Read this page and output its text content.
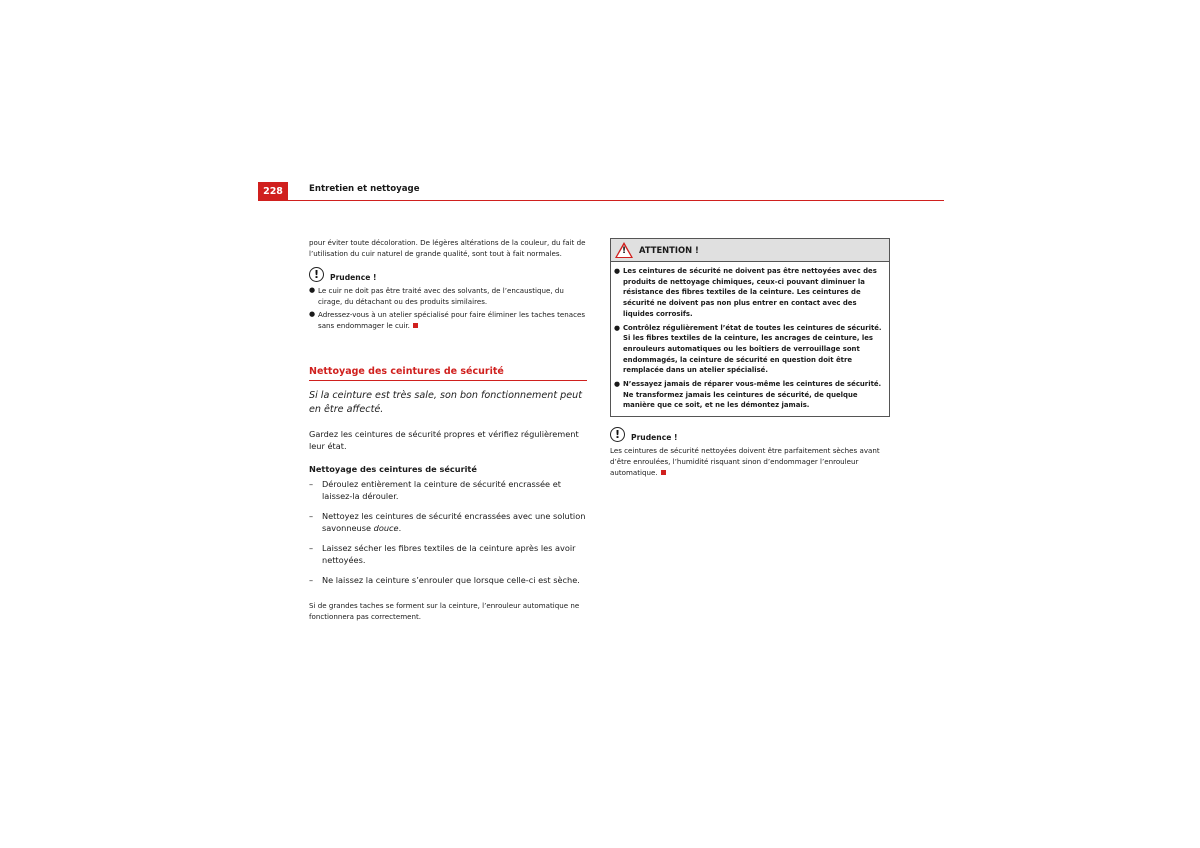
228	Entretien et nettoyage

pour éviter toute décoloration. De légères altérations de la couleur, du fait de l’utilisation du cuir naturel de grande qualité, sont tout à fait normales.

!	Prudence !
● Le cuir ne doit pas être traité avec des solvants, de l’encaustique, du cirage, du détachant ou des produits similaires.

● Adressez-vous à un atelier spécialisé pour faire éliminer les taches tenaces sans endommager le cuir.

Nettoyage des ceintures de sécurité

Si la ceinture est très sale, son bon fonctionnement peut en être affecté.

Gardez les ceintures de sécurité propres et vérifiez régulièrement leur état.

Nettoyage des ceintures de sécurité
–	Déroulez entièrement la ceinture de sécurité encrassée et laissez-la dérouler.
–	Nettoyez les ceintures de sécurité encrassées avec une solution savonneuse douce.
–	Laissez sécher les fibres textiles de la ceinture après les avoir nettoyées.
–	Ne laissez la ceinture s’enrouler que lorsque celle-ci est sèche.

Si de grandes taches se forment sur la ceinture, l’enrouleur automatique ne fonctionnera pas correctement.

! ATTENTION !
● Les ceintures de sécurité ne doivent pas être nettoyées avec des produits de nettoyage chimiques, ceux-ci pouvant diminuer la résistance des fibres textiles de la ceinture. Les ceintures de sécurité ne doivent pas non plus entrer en contact avec des liquides corrosifs.
● Contrôlez régulièrement l’état de toutes les ceintures de sécurité. Si les fibres textiles de la ceinture, les ancrages de ceinture, les enrouleurs automatiques ou les boîtiers de verrouillage sont endommagés, la ceinture de sécurité en question doit être remplacée dans un atelier spécialisé.
● N’essayez jamais de réparer vous-même les ceintures de sécurité. Ne transformez jamais les ceintures de sécurité, de quelque manière que ce soit, et ne les démontez jamais.
!	Prudence !

Les ceintures de sécurité nettoyées doivent être parfaitement sèches avant d’être enroulées, l’humidité risquant sinon d’endommager l’enrouleur automatique.
